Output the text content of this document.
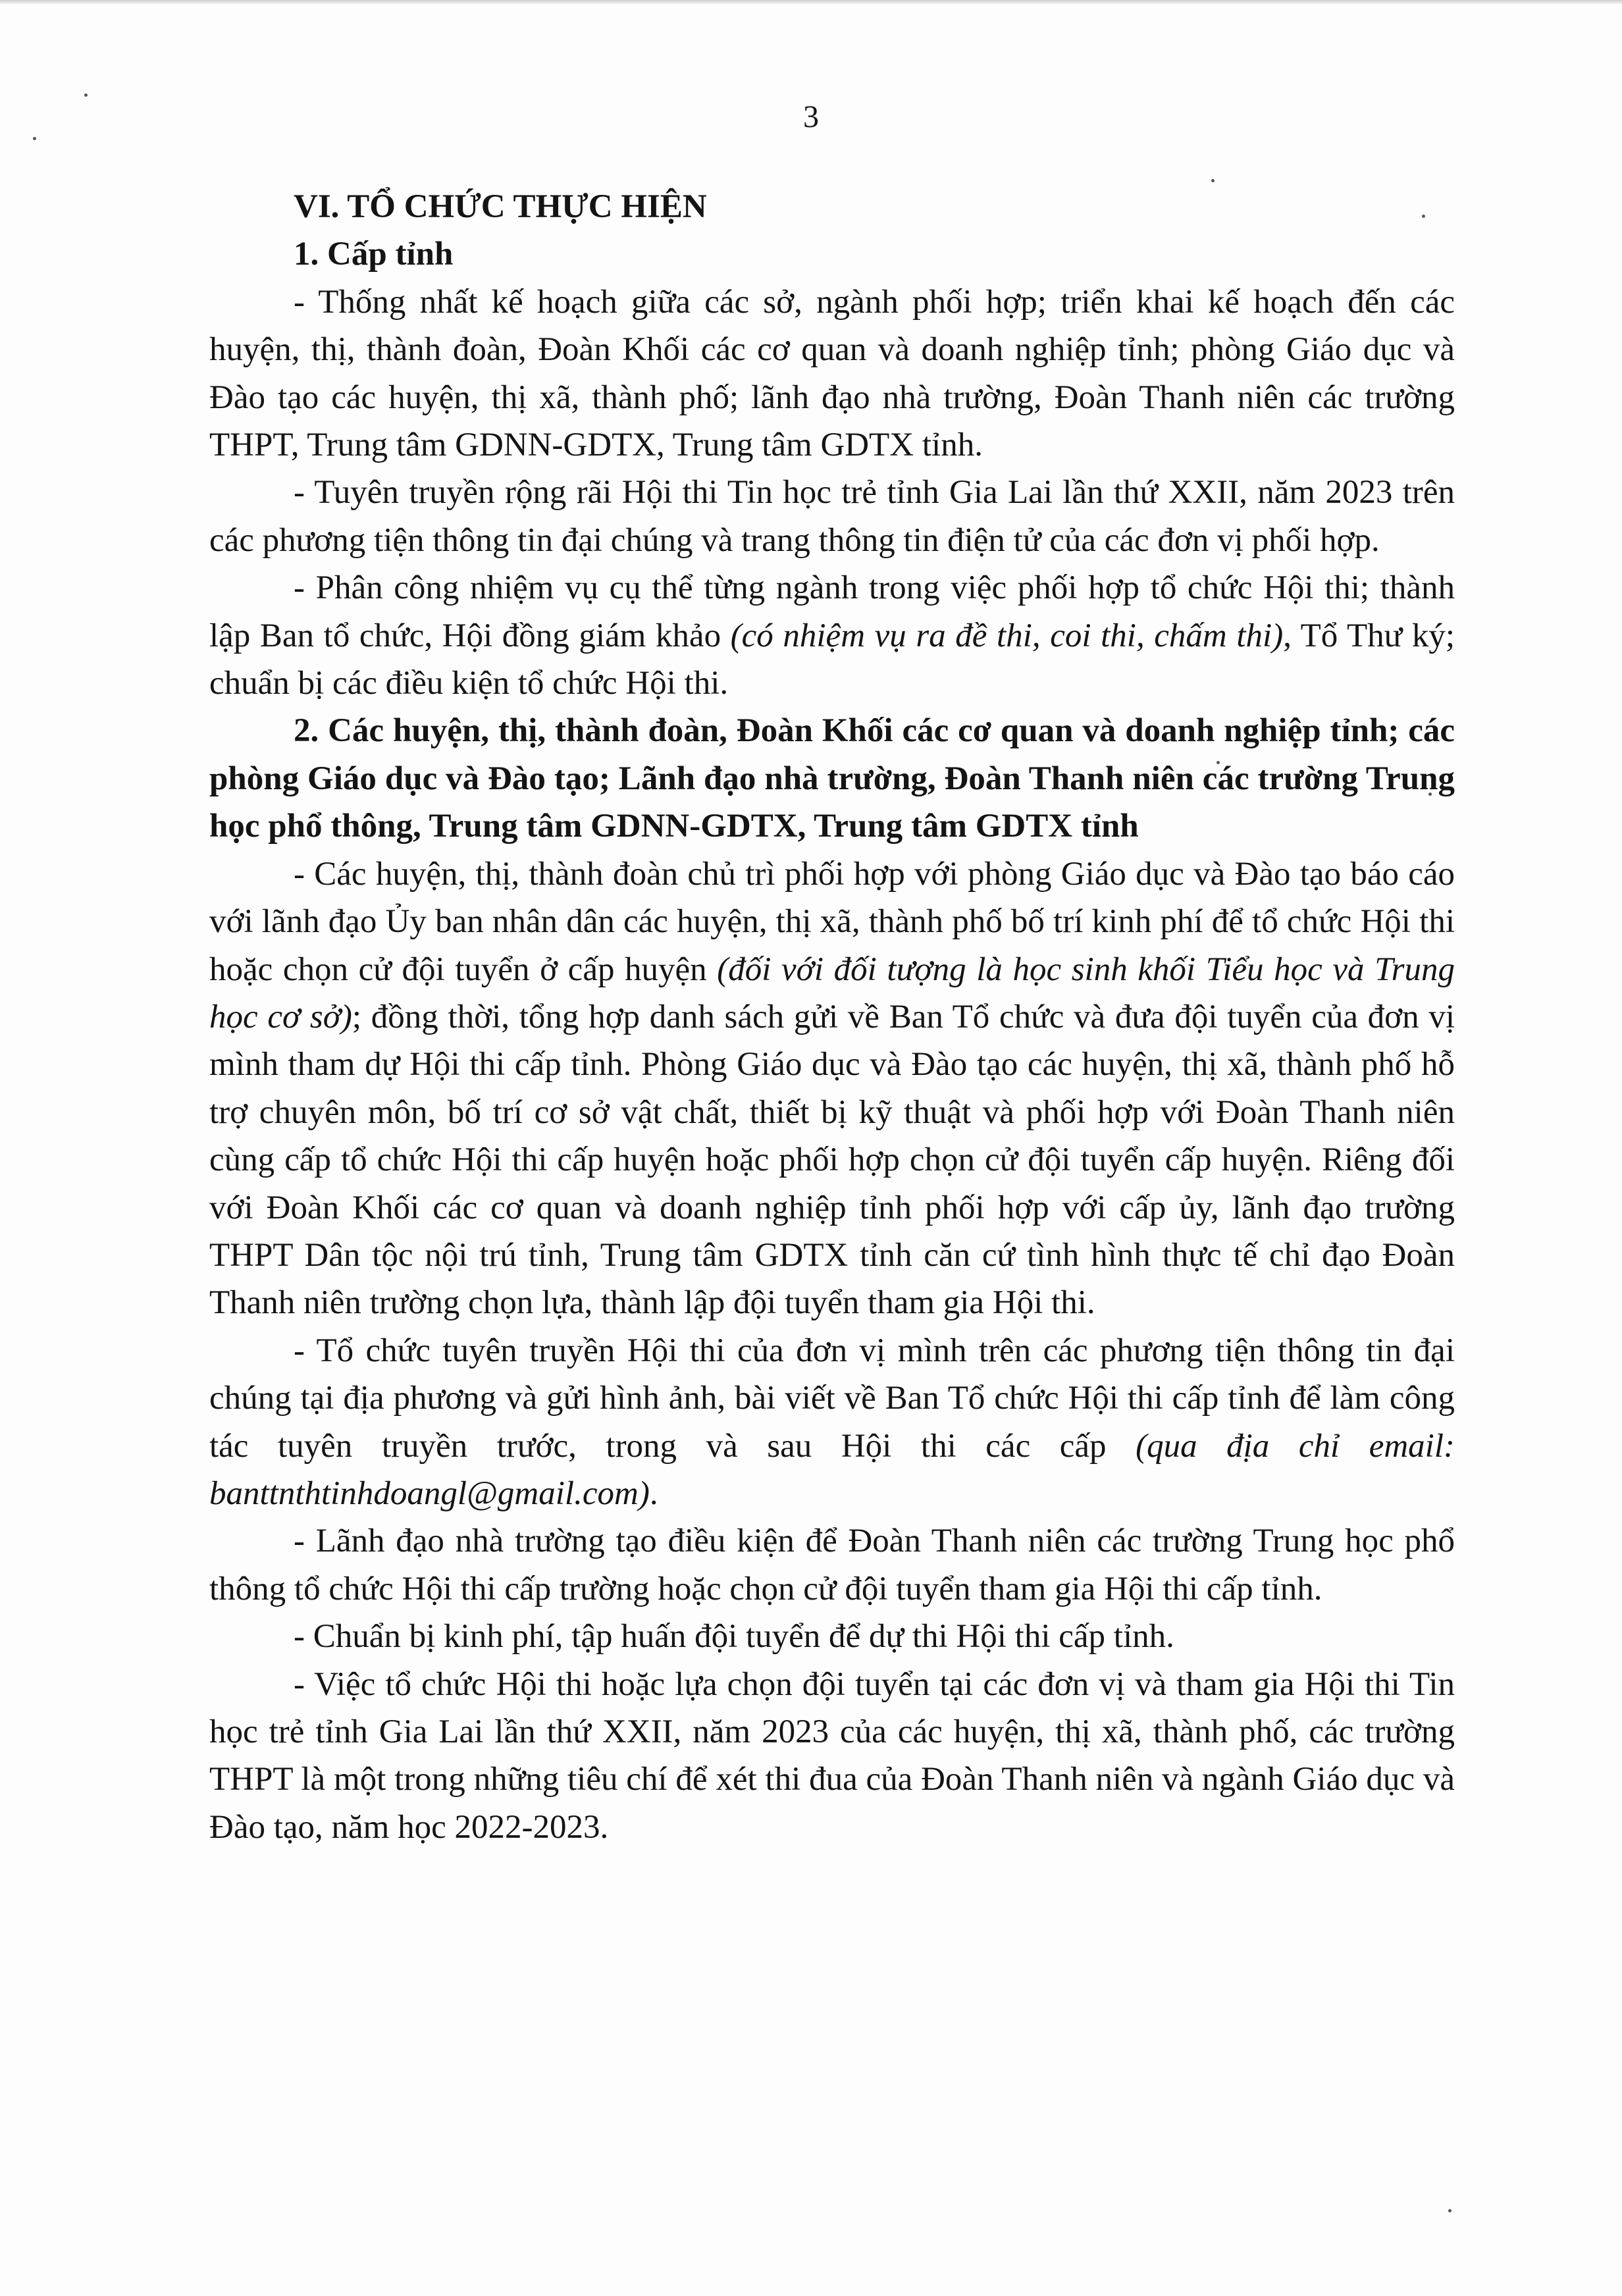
3
VI. TỔ CHỨC THỰC HIỆN
1. Cấp tỉnh

- Thống nhất kế hoạch giữa các sở, ngành phối hợp; triển khai kế hoạch đến các huyện, thị, thành đoàn, Đoàn Khối các cơ quan và doanh nghiệp tỉnh; phòng Giáo dục và Đào tạo các huyện, thị xã, thành phố; lãnh đạo nhà trường, Đoàn Thanh niên các trường THPT, Trung tâm GDNN-GDTX, Trung tâm GDTX tỉnh.

- Tuyên truyền rộng rãi Hội thi Tin học trẻ tỉnh Gia Lai lần thứ XXII, năm 2023 trên các phương tiện thông tin đại chúng và trang thông tin điện tử của các đơn vị phối hợp.

- Phân công nhiệm vụ cụ thể từng ngành trong việc phối hợp tổ chức Hội thi; thành lập Ban tổ chức, Hội đồng giám khảo (có nhiệm vụ ra đề thi, coi thi, chấm thi), Tổ Thư ký; chuẩn bị các điều kiện tổ chức Hội thi.

2. Các huyện, thị, thành đoàn, Đoàn Khối các cơ quan và doanh nghiệp tỉnh; các phòng Giáo dục và Đào tạo; Lãnh đạo nhà trường, Đoàn Thanh niên các trường Trung học phổ thông, Trung tâm GDNN-GDTX, Trung tâm GDTX tỉnh

- Các huyện, thị, thành đoàn chủ trì phối hợp với phòng Giáo dục và Đào tạo báo cáo với lãnh đạo Ủy ban nhân dân các huyện, thị xã, thành phố bố trí kinh phí để tổ chức Hội thi hoặc chọn cử đội tuyển ở cấp huyện (đối với đối tượng là học sinh khối Tiểu học và Trung học cơ sở); đồng thời, tổng hợp danh sách gửi về Ban Tổ chức và đưa đội tuyển của đơn vị mình tham dự Hội thi cấp tỉnh. Phòng Giáo dục và Đào tạo các huyện, thị xã, thành phố hỗ trợ chuyên môn, bố trí cơ sở vật chất, thiết bị kỹ thuật và phối hợp với Đoàn Thanh niên cùng cấp tổ chức Hội thi cấp huyện hoặc phối hợp chọn cử đội tuyển cấp huyện. Riêng đối với Đoàn Khối các cơ quan và doanh nghiệp tỉnh phối hợp với cấp ủy, lãnh đạo trường THPT Dân tộc nội trú tỉnh, Trung tâm GDTX tỉnh căn cứ tình hình thực tế chỉ đạo Đoàn Thanh niên trường chọn lựa, thành lập đội tuyển tham gia Hội thi.

- Tổ chức tuyên truyền Hội thi của đơn vị mình trên các phương tiện thông tin đại chúng tại địa phương và gửi hình ảnh, bài viết về Ban Tổ chức Hội thi cấp tỉnh để làm công tác tuyên truyền trước, trong và sau Hội thi các cấp (qua địa chỉ email: banttnthtinhdoangl@gmail.com).

- Lãnh đạo nhà trường tạo điều kiện để Đoàn Thanh niên các trường Trung học phổ thông tổ chức Hội thi cấp trường hoặc chọn cử đội tuyển tham gia Hội thi cấp tỉnh.

- Chuẩn bị kinh phí, tập huấn đội tuyển để dự thi Hội thi cấp tỉnh.

- Việc tổ chức Hội thi hoặc lựa chọn đội tuyển tại các đơn vị và tham gia Hội thi Tin học trẻ tỉnh Gia Lai lần thứ XXII, năm 2023 của các huyện, thị xã, thành phố, các trường THPT là một trong những tiêu chí để xét thi đua của Đoàn Thanh niên và ngành Giáo dục và Đào tạo, năm học 2022-2023.
